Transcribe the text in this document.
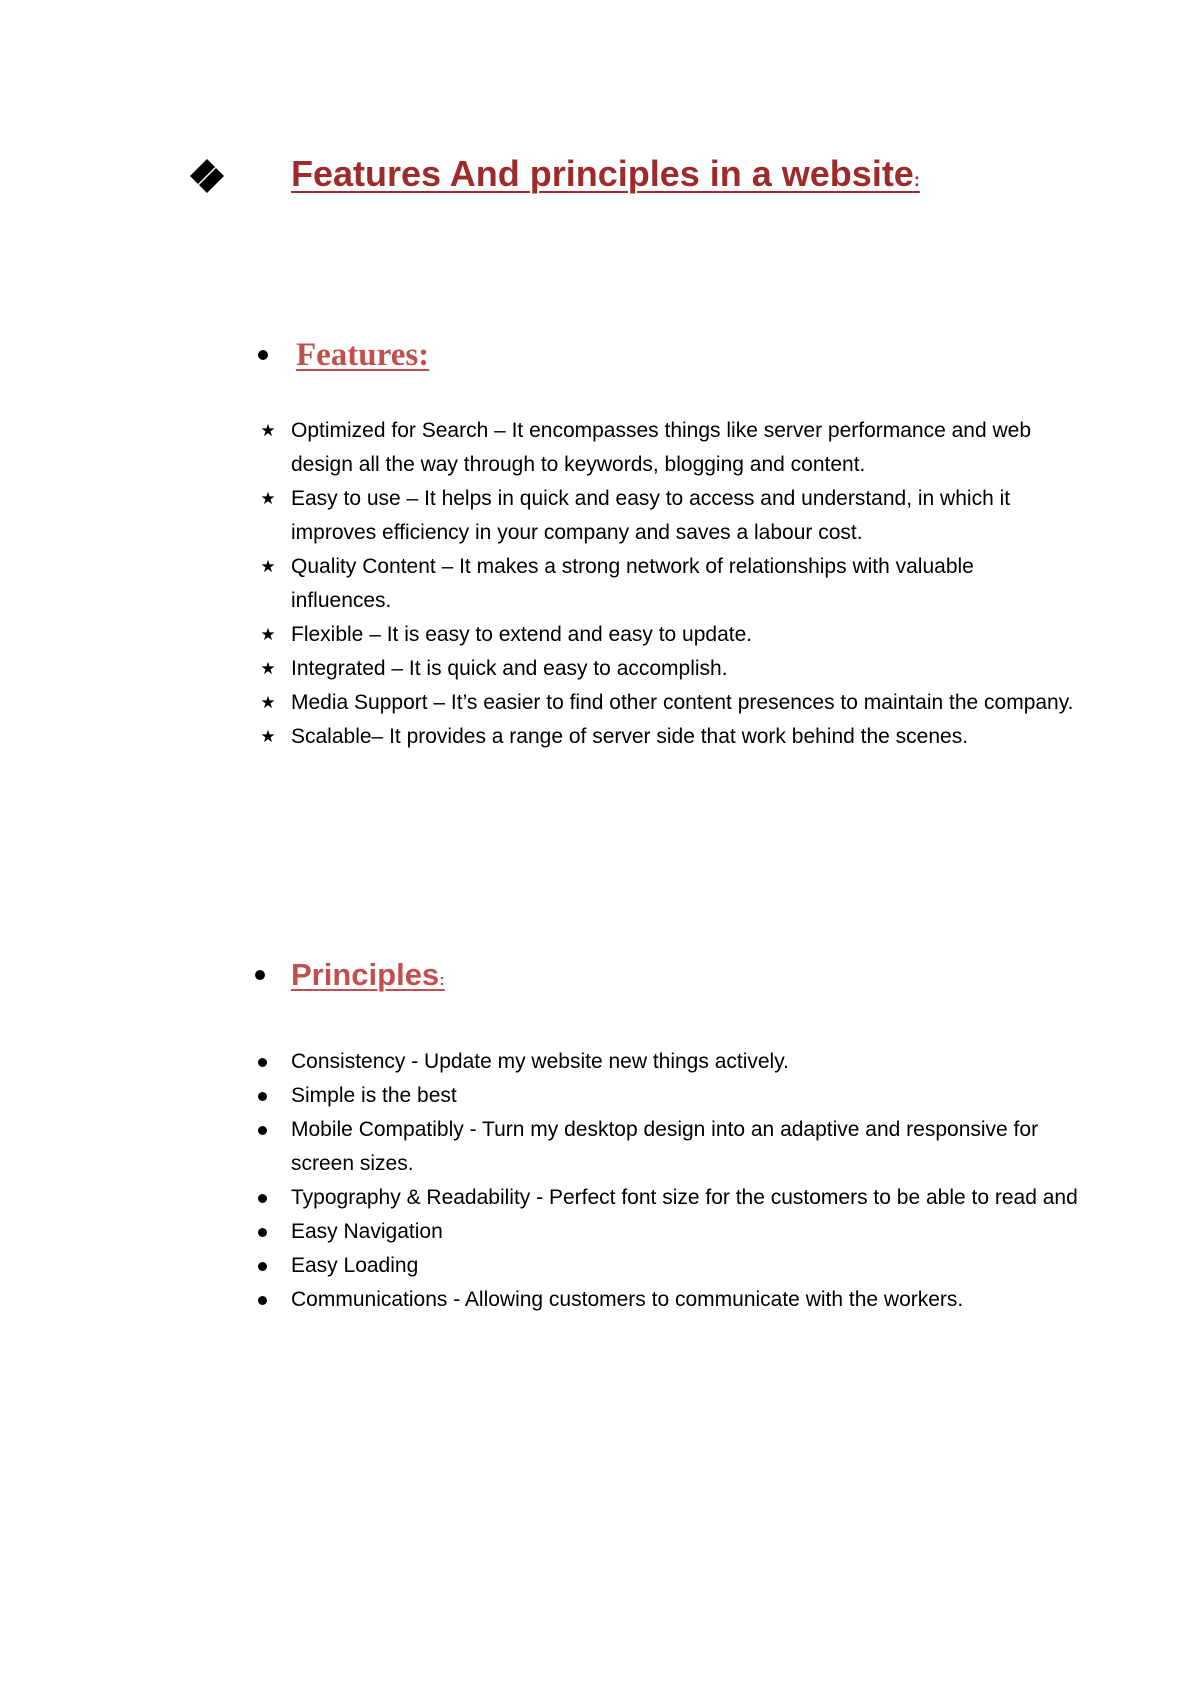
Features And principles in a website:
Features:
★ Optimized for Search – It encompasses things like server performance and web design all the way through to keywords, blogging and content.
★ Easy to use – It helps in quick and easy to access and understand, in which it improves efficiency in your company and saves a labour cost.
★ Quality Content – It makes a strong network of relationships with valuable influences.
★ Flexible – It is easy to extend and easy to update.
★ Integrated – It is quick and easy to accomplish.
★ Media Support – It’s easier to find other content presences to maintain the company.
★ Scalable– It provides a range of server side that work behind the scenes.
Principles:
Consistency - Update my website new things actively.
Simple is the best
Mobile Compatibly - Turn my desktop design into an adaptive and responsive for screen sizes.
Typography & Readability - Perfect font size for the customers to be able to read and
Easy Navigation
Easy Loading
Communications - Allowing customers to communicate with the workers.
